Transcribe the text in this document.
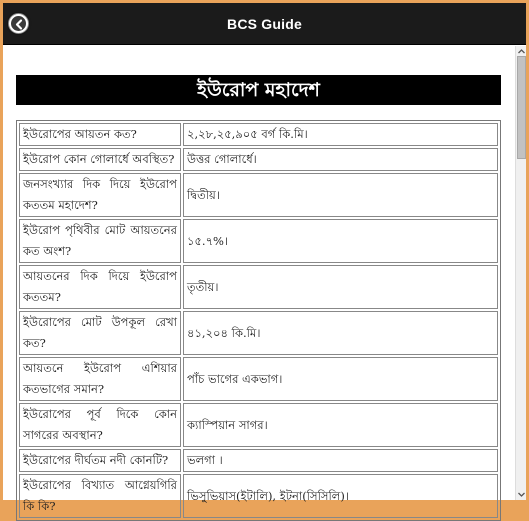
BCS Guide
ইউরোপ মহাদেশ
ইউরোপের আয়তন কত?	২,২৮,২৫,৯০৫ বর্গ কি.মি।
ইউরোপ কোন গোলার্ধে অবস্থিত?	উত্তর গোলার্ধে।
জনসংখ্যার দিক দিয়ে ইউরোপ কততম মহাদেশ?	দ্বিতীয়।
ইউরোপ পৃথিবীর মোট আয়তনের কত অংশ?	১৫.৭%।
আয়তনের দিক দিয়ে ইউরোপ কততম?	তৃতীয়।
ইউরোপের মোট উপকূল রেখা কত?	৪১,২০৪ কি.মি।
আয়তনে ইউরোপ এশিয়ার কতভাগের সমান?	পাঁচ ভাগের একভাগ।
ইউরোপের পূর্ব দিকে কোন সাগরের অবস্থান?	ক্যাস্পিয়ান সাগর।
ইউরোপের দীর্ঘতম নদী কোনটি?	ভলগা ।
ইউরোপের বিখ্যাত আগ্নেয়গিরি কি কি?	ভিসুভিয়াস(ইটালি), ইটনা(সিসিলি)।
